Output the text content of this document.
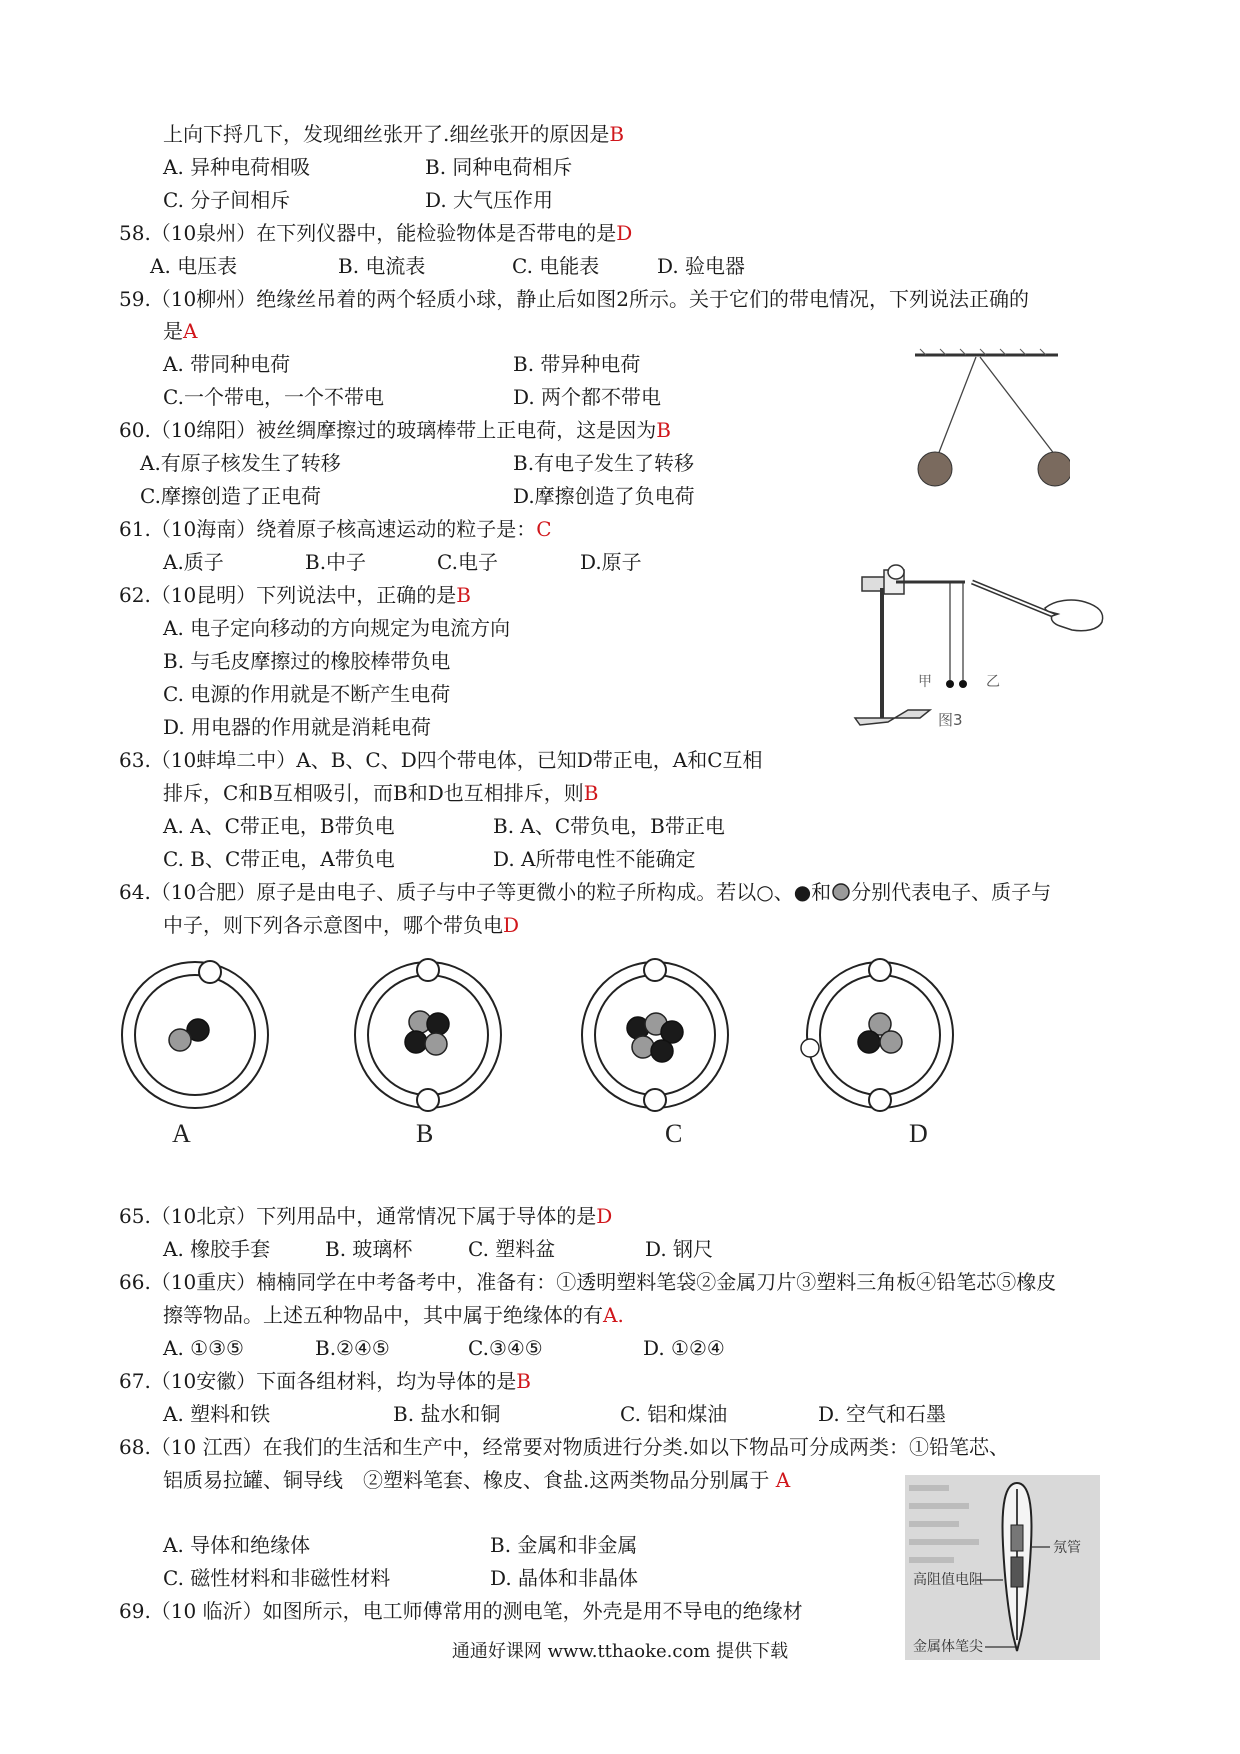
上向下捋几下，发现细丝张开了.细丝张开的原因是B
A. 异种电荷相吸	B. 同种电荷相斥
C. 分子间相斥	D. 大气压作用
58.（10泉州）在下列仪器中，能检验物体是否带电的是D
A. 电压表	B. 电流表	C. 电能表	D. 验电器
59.（10柳州）绝缘丝吊着的两个轻质小球，静止后如图2所示。关于它们的带电情况，下列说法正确的
是A
A. 带同种电荷	B. 带异种电荷
C.一个带电，一个不带电	D. 两个都不带电
60.（10绵阳）被丝绸摩擦过的玻璃棒带上正电荷，这是因为B
A.有原子核发生了转移	B.有电子发生了转移
C.摩擦创造了正电荷	D.摩擦创造了负电荷
61.（10海南）绕着原子核高速运动的粒子是：C
A.质子	B.中子	C.电子	D.原子
62.（10昆明）下列说法中，正确的是B
A. 电子定向移动的方向规定为电流方向
B. 与毛皮摩擦过的橡胶棒带负电
C. 电源的作用就是不断产生电荷
D. 用电器的作用就是消耗电荷
63.（10蚌埠二中）A、B、C、D四个带电体，已知D带正电，A和C互相
排斥，C和B互相吸引，而B和D也互相排斥，则B
A. A、C带正电，B带负电	B. A、C带负电，B带正电
C. B、C带正电，A带负电	D. A所带电性不能确定
64.（10合肥）原子是由电子、质子与中子等更微小的粒子所构成。若以○、●和 分别代表电子、质子与
中子，则下列各示意图中，哪个带负电D
65.（10北京）下列用品中，通常情况下属于导体的是D
A. 橡胶手套	B. 玻璃杯	C. 塑料盆	D. 钢尺
66.（10重庆）楠楠同学在中考备考中，准备有：①透明塑料笔袋②金属刀片③塑料三角板④铅笔芯⑤橡皮
擦等物品。上述五种物品中，其中属于绝缘体的有A.
A. ①③⑤	B.②④⑤	C.③④⑤	D. ①②④
67.（10安徽）下面各组材料，均为导体的是B
A. 塑料和铁	B. 盐水和铜	C. 铝和煤油	D. 空气和石墨
68.（10 江西）在我们的生活和生产中，经常要对物质进行分类.如以下物品可分成两类：①铅笔芯、
铝质易拉罐、铜导线　②塑料笔套、橡皮、食盐.这两类物品分别属于 A
A. 导体和绝缘体	B. 金属和非金属
C. 磁性材料和非磁性材料	D. 晶体和非晶体
69.（10 临沂）如图所示，电工师傅常用的测电笔，外壳是用不导电的绝缘材
甲	乙
图3
A	B	C	D
氖管
高阻值电阻
金属体笔尖
通通好课网 www.tthaoke.com 提供下载
